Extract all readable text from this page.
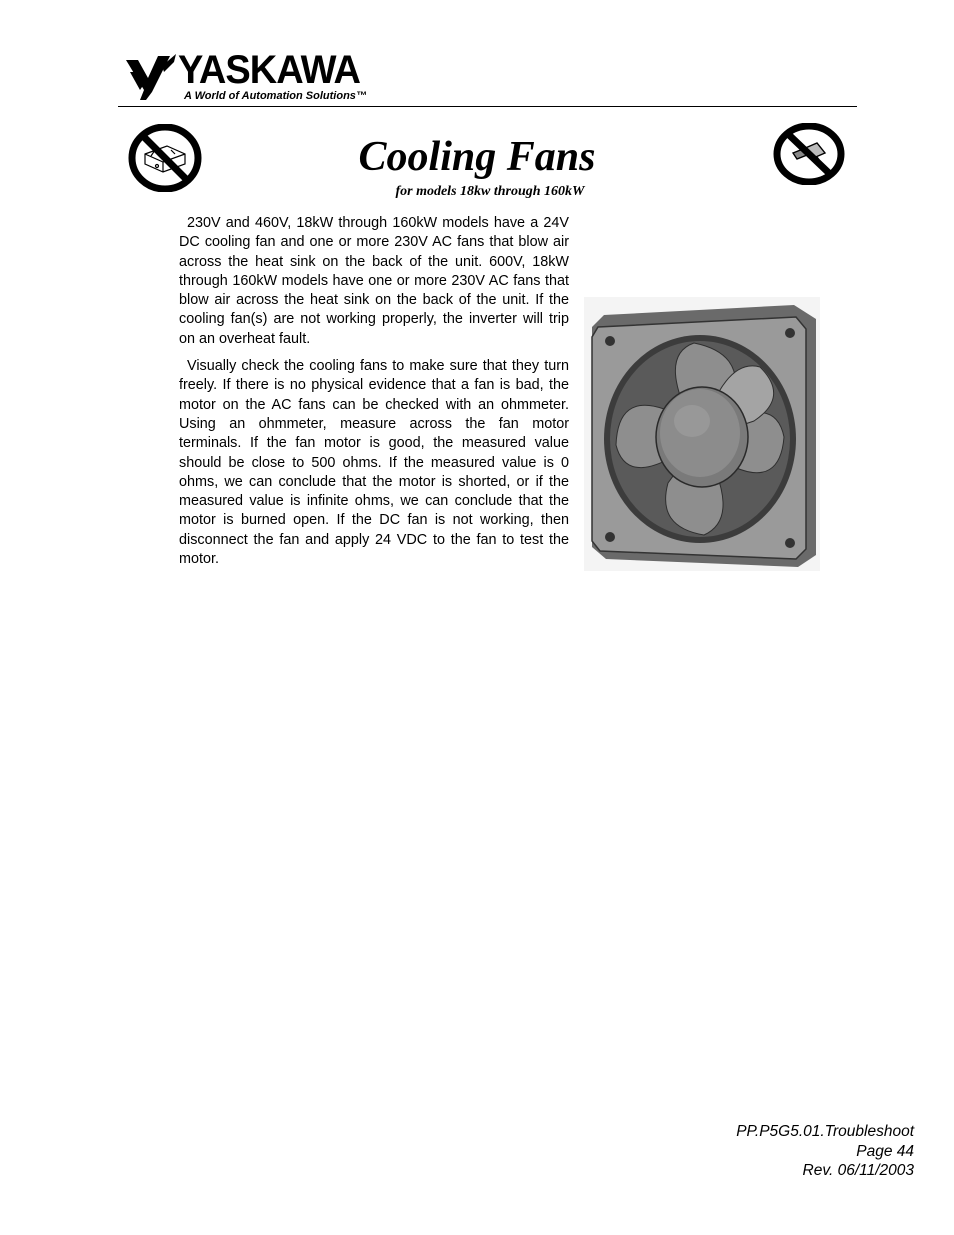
YASKAWA
A World of Automation Solutions™
Cooling Fans
for models 18kw through 160kW

230V and 460V, 18kW through 160kW models have a 24V DC cooling fan and one or more 230V AC fans that blow air across the heat sink on the back of the unit. 600V, 18kW through 160kW models have one or more 230V AC fans that blow air across the heat sink on the back of the unit. If the cooling fan(s) are not working properly, the inverter will trip on an overheat fault.

Visually check the cooling fans to make sure that they turn freely. If there is no physical evidence that a fan is bad, the motor on the AC fans can be checked with an ohmmeter. Using an ohmmeter, measure across the fan motor terminals. If the fan motor is good, the measured value should be close to 500 ohms. If the measured value is 0 ohms, we can conclude that the motor is shorted, or if the measured value is infinite ohms, we can conclude that the motor is burned open. If the DC fan is not working, then disconnect the fan and apply 24 VDC to the fan to test the motor.

PP.P5G5.01.Troubleshoot
Page 44
Rev. 06/11/2003
